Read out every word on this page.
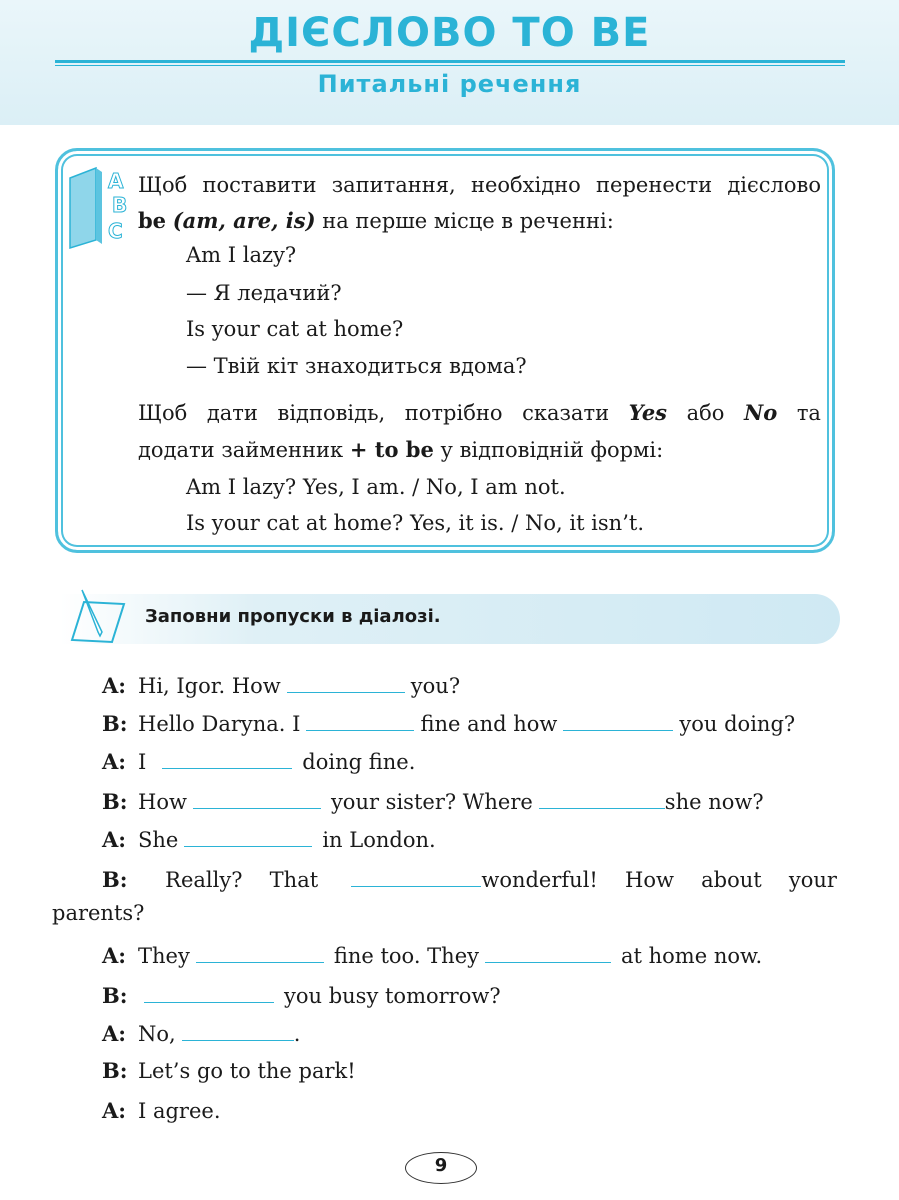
ДІЄСЛОВО TO BE
Питальні речення
A
B
C
Щоб поставити запитання, необхідно перенести дієслово
be (am, are, is) на перше місце в реченні:
Am I lazy?
— Я ледачий?
Is your cat at home?
— Твій кіт знаходиться вдома?
Щоб дати відповідь, потрібно сказати Yes або No та
додати займенник + to be у відповідній формі:
Am I lazy? Yes, I am. / No, I am not.
Is your cat at home? Yes, it is. / No, it isn’t.
Заповни пропуски в діалозі.
A: Hi, Igor. How	you?
B: Hello Daryna. I	fine and how	you doing?
A: I	doing fine.
B: How	your sister? Where	she now?
A: She	in London.
B: Really? That	wonderful! How about your
parents?
A: They	fine too. They	at home now.
B:	you busy tomorrow?
A: No,	.
B: Let’s go to the park!
A: I agree.
9
